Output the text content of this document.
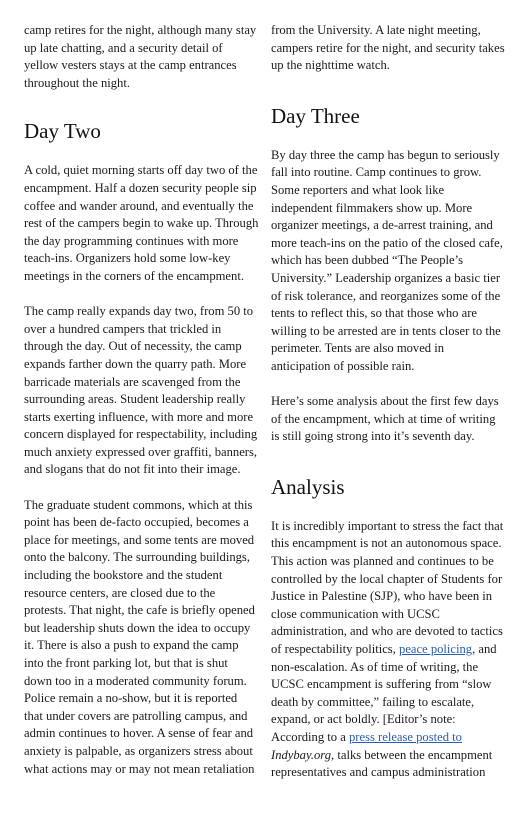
camp retires for the night, although many stay up late chatting, and a security detail of yellow vesters stays at the camp entrances throughout the night.

Day Two

A cold, quiet morning starts off day two of the encampment. Half a dozen security people sip coffee and wander around, and eventually the rest of the campers begin to wake up. Through the day programming continues with more teach-ins. Organizers hold some low-key meetings in the corners of the encampment.

The camp really expands day two, from 50 to over a hundred campers that trickled in through the day. Out of necessity, the camp expands farther down the quarry path. More barricade materials are scavenged from the surrounding areas. Student leadership really starts exerting influence, with more and more concern displayed for respectability, including much anxiety expressed over graffiti, banners, and slogans that do not fit into their image.

The graduate student commons, which at this point has been de-facto occupied, becomes a place for meetings, and some tents are moved onto the balcony. The surrounding buildings, including the bookstore and the student resource centers, are closed due to the protests. That night, the cafe is briefly opened but leadership shuts down the idea to occupy it. There is also a push to expand the camp into the front parking lot, but that is shut down too in a moderated community forum. Police remain a no-show, but it is reported that under covers are patrolling campus, and admin continues to hover. A sense of fear and anxiety is palpable, as organizers stress about what actions may or may not mean retaliation

from the University. A late night meeting, campers retire for the night, and security takes up the nighttime watch.

Day Three

By day three the camp has begun to seriously fall into routine. Camp continues to grow. Some reporters and what look like independent filmmakers show up. More organizer meetings, a de-arrest training, and more teach-ins on the patio of the closed cafe, which has been dubbed “The People’s University.” Leadership organizes a basic tier of risk tolerance, and reorganizes some of the tents to reflect this, so that those who are willing to be arrested are in tents closer to the perimeter. Tents are also moved in anticipation of possible rain.

Here’s some analysis about the first few days of the encampment, which at time of writing is still going strong into it’s seventh day.

Analysis

It is incredibly important to stress the fact that this encampment is not an autonomous space. This action was planned and continues to be controlled by the local chapter of Students for Justice in Palestine (SJP), who have been in close communication with UCSC administration, and who are devoted to tactics of respectability politics, peace policing, and non-escalation. As of time of writing, the UCSC encampment is suffering from “slow death by committee,” failing to escalate, expand, or act boldly. [Editor’s note: According to a press release posted to Indybay.org, talks between the encampment representatives and campus administration
